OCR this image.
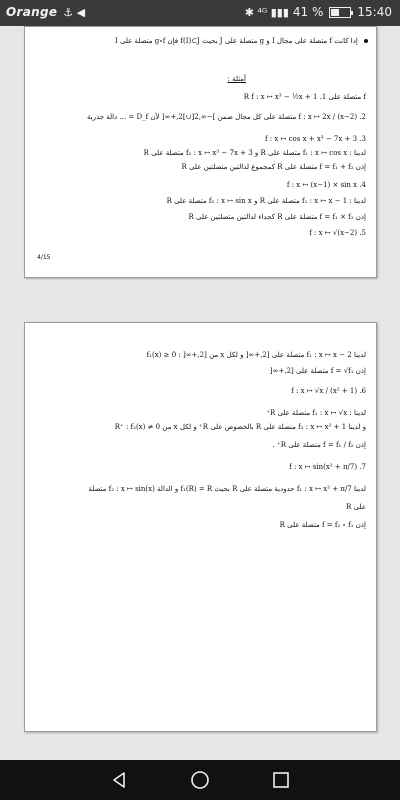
Orange ⚓ ◀	✱ ⁴ᴳ ▮▮▮ 41 %	15:40
إذا كانت f متصلة على مجال I و g متصلة على J بحيث f(I)⊂J فإن g∘f متصلة على I
أمثلة :
f متصلة على R f : x ↦ x³ − ½x + 1 .1
2. f : x ↦ 2x / (x−2) متصلة على كل مجال ضمن ]−∞,2[∪]2,+∞[ لأن D_f = ... دالة جذرية
f : x ↦ cos x + x³ − 7x + 3 .3
لدينا : f₁ : x ↦ cos x متصلة على R و f₂ : x ↦ x³ − 7x + 3 متصلة على R
إذن f = f₁ + f₂ متصلة على R كمجموع لدالتين متصلتين على R
f : x ↦ (x−1) × sin x .4
لدينا : f₁ : x ↦ x − 1 متصلة على R و f₂ : x ↦ sin x متصلة على R
إذن f = f₁ × f₂ متصلة على R كجداء لدالتين متصلتين على R
f : x ↦ √(x−2) .5
4/15
لدينا f₁ : x ↦ x − 2 متصلة على [2,+∞[ و لكل x من [2,+∞[ : f₁(x) ≥ 0
إذن f = √f₁ متصلة على [2,+∞[
f : x ↦ √x / (x² + 1) .6
لدينا : f₁ : x ↦ √x متصلة على R⁺
و لدينا f₂ : x ↦ x² + 1 متصلة على R بالخصوص على R⁺ و لكل x من R⁺ : f₂(x) ≠ 0
إذن f = f₁ / f₂ متصلة على R⁺ .
f : x ↦ sin(x² + π/7) .7
لدينا f₁ : x ↦ x² + π/7 حدودية متصلة على R بحيث f₁(R) = R و الدالة f₂ : x ↦ sin(x) متصلة
على R
إذن f = f₂ ∘ f₁ متصلة على R
